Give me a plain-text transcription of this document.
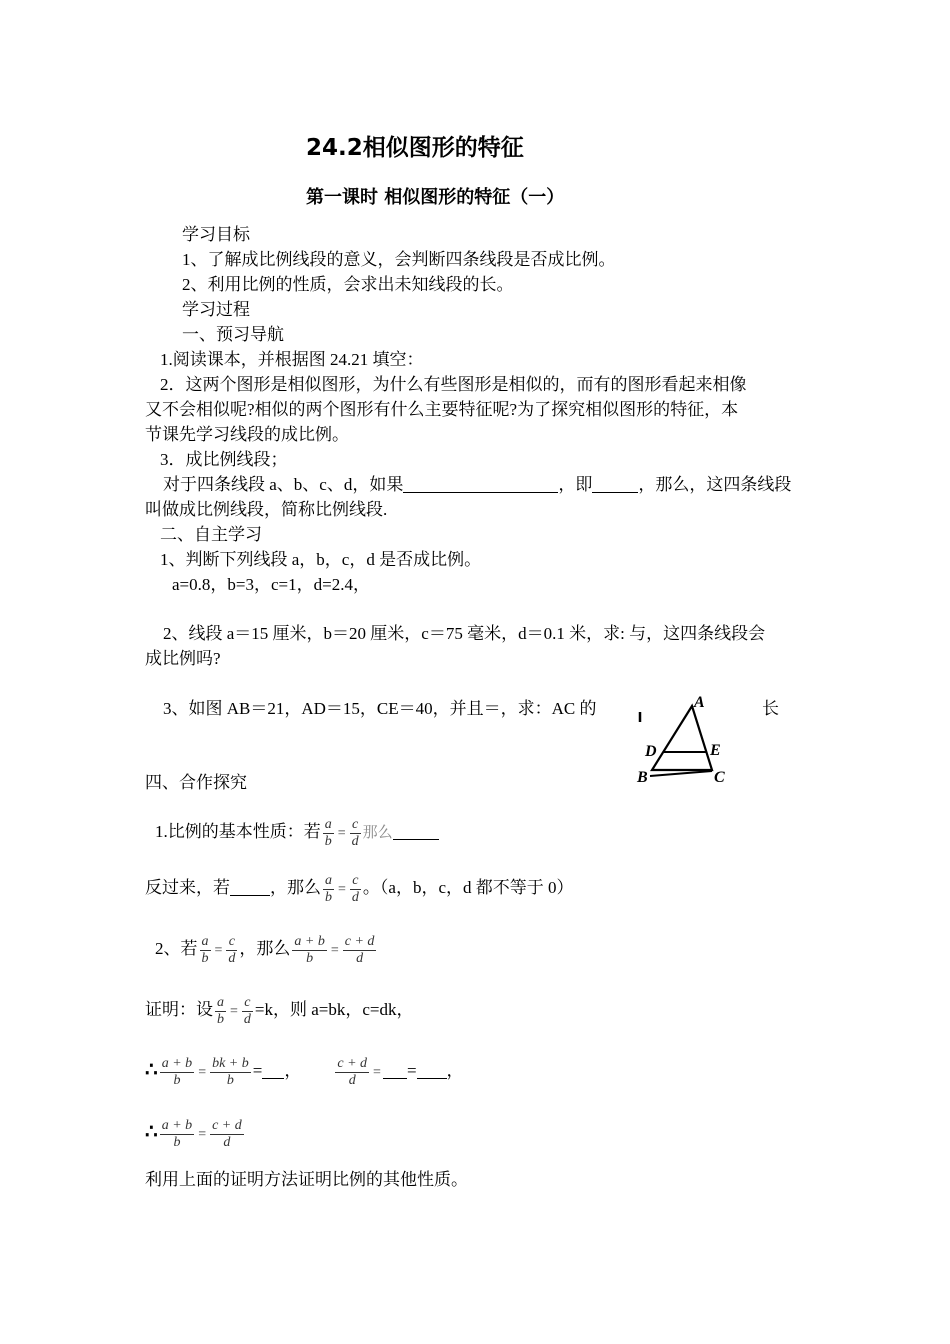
24.2相似图形的特征
第一课时 相似图形的特征（一）
学习目标
1、了解成比例线段的意义，会判断四条线段是否成比例。
2、利用比例的性质，会求出未知线段的长。
学习过程
一、预习导航
1.阅读课本，并根据图 24.21 填空：
2．这两个图形是相似图形，为什么有些图形是相似的，而有的图形看起来相像
又不会相似呢?相似的两个图形有什么主要特征呢?为了探究相似图形的特征，本
节课先学习线段的成比例。
3．成比例线段；
对于四条线段 a、b、c、d，如果	，即	，那么，这四条线段
叫做成比例线段，简称比例线段.
二、自主学习
1、判断下列线段 a，b，c，d 是否成比例。
a=0.8，b=3，c=1，d=2.4，
2、线段 a＝15 厘米，b＝20 厘米，c＝75 毫米，d＝0.1 米，求: 与，这四条线段会
成比例吗?
3、如图 AB＝21，AD＝15，CE＝40，并且＝，求：AC 的	长
A
D	E
B	C
四、合作探究
1.比例的基本性质：若 $\frac{a}{b} = \frac{c}{d}$ 那么
反过来，若 ，那么 $\frac{a}{b} = \frac{c}{d}$ 。（a，b，c，d 都不等于 0）
2、若 $\frac{a}{b} = \frac{c}{d}$ ，那么 $\frac{a + b}{b} = \frac{c + d}{d}$
证明：设 $\frac{a}{b} = \frac{c}{d} =k$，则 a=bk，c=dk，
∴ $\frac{a + b}{b} = \frac{bk + b}{b}$ = ， $\frac{c + d}{d}$ = = ，
∴ $\frac{a + b}{b} = \frac{c + d}{d}$
利用上面的证明方法证明比例的其他性质。
